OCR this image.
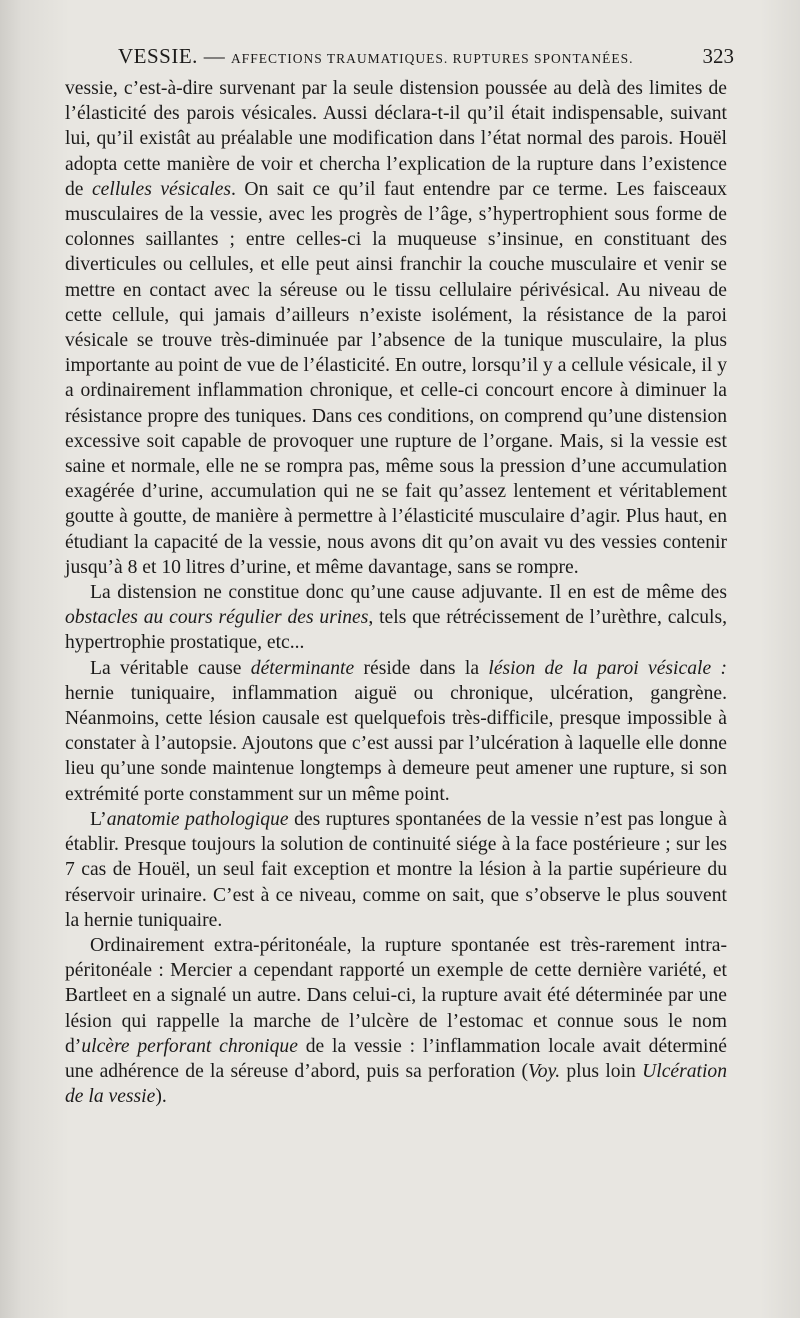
VESSIE. — AFFECTIONS TRAUMATIQUES. RUPTURES SPONTANÉES.	323

vessie, c’est-à-dire survenant par la seule distension poussée au delà des limites de l’élasticité des parois vésicales. Aussi déclara-t-il qu’il était indispensable, suivant lui, qu’il existât au préalable une modification dans l’état normal des parois. Houël adopta cette manière de voir et chercha l’explication de la rupture dans l’existence de cellules vésicales. On sait ce qu’il faut entendre par ce terme. Les faisceaux musculaires de la vessie, avec les progrès de l’âge, s’hypertrophient sous forme de colonnes saillantes ; entre celles-ci la muqueuse s’insinue, en constituant des diverticules ou cellules, et elle peut ainsi franchir la couche musculaire et venir se mettre en contact avec la séreuse ou le tissu cellulaire périvésical. Au niveau de cette cellule, qui jamais d’ailleurs n’existe isolément, la résistance de la paroi vésicale se trouve très-diminuée par l’absence de la tunique musculaire, la plus importante au point de vue de l’élasticité. En outre, lorsqu’il y a cellule vésicale, il y a ordinairement inflammation chronique, et celle-ci concourt encore à diminuer la résistance propre des tuniques. Dans ces conditions, on comprend qu’une distension excessive soit capable de provoquer une rupture de l’organe. Mais, si la vessie est saine et normale, elle ne se rompra pas, même sous la pression d’une accumulation exagérée d’urine, accumulation qui ne se fait qu’assez lentement et véritablement goutte à goutte, de manière à permettre à l’élasticité musculaire d’agir. Plus haut, en étudiant la capacité de la vessie, nous avons dit qu’on avait vu des vessies contenir jusqu’à 8 et 10 litres d’urine, et même davantage, sans se rompre.

La distension ne constitue donc qu’une cause adjuvante. Il en est de même des obstacles au cours régulier des urines, tels que rétrécissement de l’urèthre, calculs, hypertrophie prostatique, etc...

La véritable cause déterminante réside dans la lésion de la paroi vésicale : hernie tuniquaire, inflammation aiguë ou chronique, ulcération, gangrène. Néanmoins, cette lésion causale est quelquefois très-difficile, presque impossible à constater à l’autopsie. Ajoutons que c’est aussi par l’ulcération à laquelle elle donne lieu qu’une sonde maintenue longtemps à demeure peut amener une rupture, si son extrémité porte constamment sur un même point.

L’anatomie pathologique des ruptures spontanées de la vessie n’est pas longue à établir. Presque toujours la solution de continuité siége à la face postérieure ; sur les 7 cas de Houël, un seul fait exception et montre la lésion à la partie supérieure du réservoir urinaire. C’est à ce niveau, comme on sait, que s’observe le plus souvent la hernie tuniquaire.

Ordinairement extra-péritonéale, la rupture spontanée est très-rarement intra-péritonéale : Mercier a cependant rapporté un exemple de cette dernière variété, et Bartleet en a signalé un autre. Dans celui-ci, la rupture avait été déterminée par une lésion qui rappelle la marche de l’ulcère de l’estomac et connue sous le nom d’ulcère perforant chronique de la vessie : l’inflammation locale avait déterminé une adhérence de la séreuse d’abord, puis sa perforation (Voy. plus loin Ulcération de la vessie).
